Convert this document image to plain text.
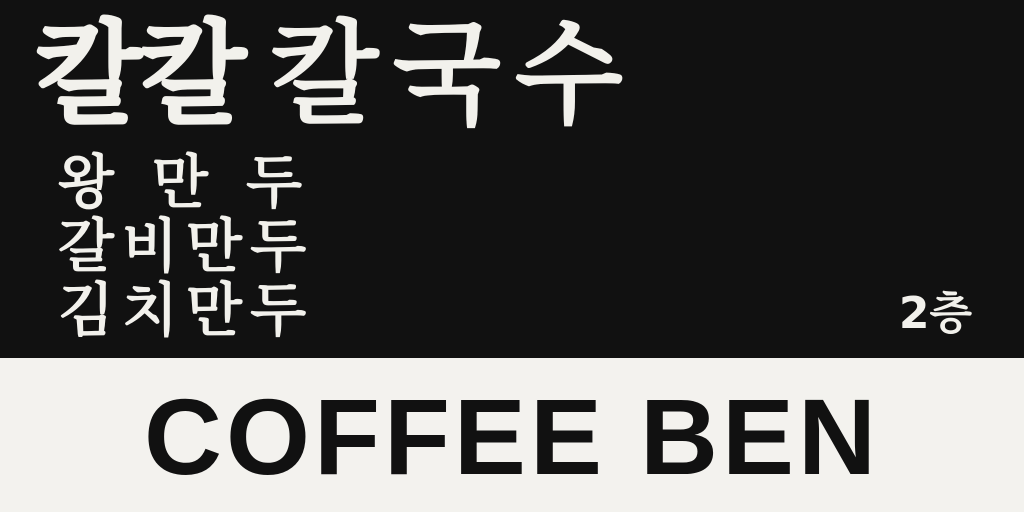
칼칼 칼국수
왕만두
갈비만두
김치만두	2층
COFFEE BEN
